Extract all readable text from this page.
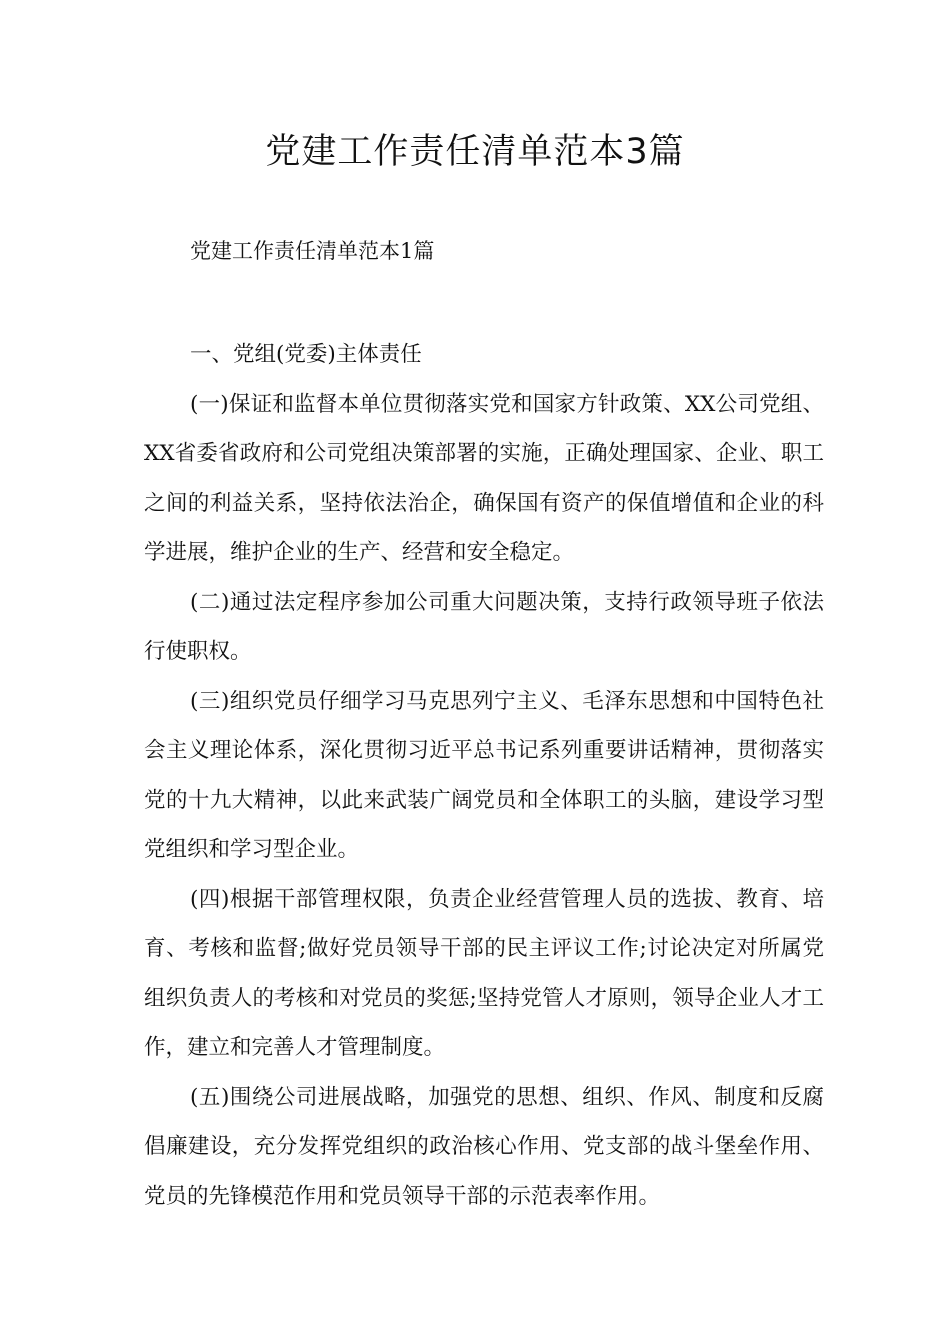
党建工作责任清单范本3篇

党建工作责任清单范本1篇

一、党组(党委)主体责任

(一)保证和监督本单位贯彻落实党和国家方针政策、XX公司党组、XX省委省政府和公司党组决策部署的实施，正确处理国家、企业、职工之间的利益关系，坚持依法治企，确保国有资产的保值增值和企业的科学进展，维护企业的生产、经营和安全稳定。

(二)通过法定程序参加公司重大问题决策，支持行政领导班子依法行使职权。

(三)组织党员仔细学习马克思列宁主义、毛泽东思想和中国特色社会主义理论体系，深化贯彻习近平总书记系列重要讲话精神，贯彻落实党的十九大精神，以此来武装广阔党员和全体职工的头脑，建设学习型党组织和学习型企业。

(四)根据干部管理权限，负责企业经营管理人员的选拔、教育、培育、考核和监督;做好党员领导干部的民主评议工作;讨论决定对所属党组织负责人的考核和对党员的奖惩;坚持党管人才原则，领导企业人才工作，建立和完善人才管理制度。

(五)围绕公司进展战略，加强党的思想、组织、作风、制度和反腐倡廉建设，充分发挥党组织的政治核心作用、党支部的战斗堡垒作用、党员的先锋模范作用和党员领导干部的示范表率作用。
